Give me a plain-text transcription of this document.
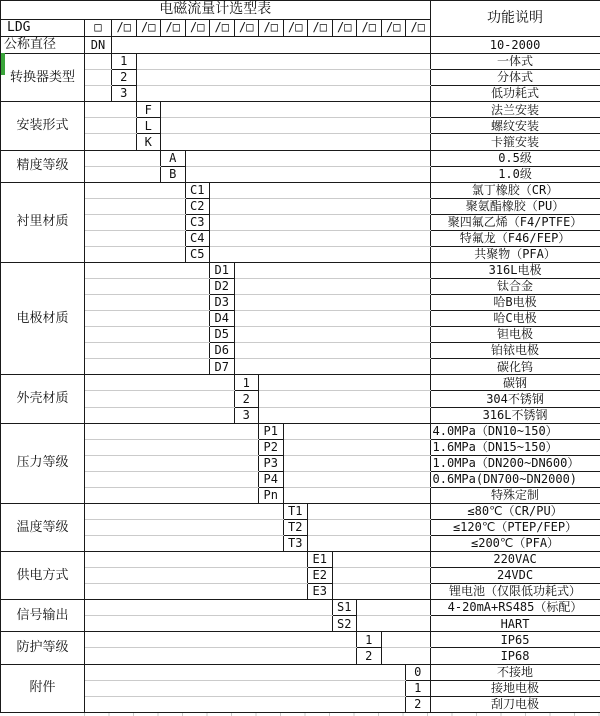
电磁流量计选型表															功能说明
LDG	□	/□	/□	/□	/□	/□	/□	/□	/□	/□	/□	/□	/□	/□	
公称直径	DN														10-2000
转换器类型		1													一体式
		2													分体式
		3													低功耗式
安装形式			F												法兰安装
			L												螺纹安装
			K												卡箍安装
精度等级				A											0.5级
				B											1.0级
衬里材质					C1										氯丁橡胶（CR）
					C2										聚氨酯橡胶（PU）
					C3										聚四氟乙烯（F4/PTFE）
					C4										特氟龙（F46/FEP）
					C5										共聚物（PFA）
电极材质						D1									316L电极
						D2									钛合金
						D3									哈B电极
						D4									哈C电极
						D5									钽电极
						D6									铂铱电极
						D7									碳化钨
外壳材质							1								碳钢
							2								304不锈钢
							3								316L不锈钢
压力等级								P1							4.0MPa（DN10~150）
								P2							1.6MPa（DN15~150）
								P3							1.0MPa（DN200~DN600）
								P4							0.6MPa(DN700~DN2000)
								Pn							特殊定制
温度等级									T1						≤80℃（CR/PU）
									T2						≤120℃（PTEP/FEP）
									T3						≤200℃（PFA）
供电方式										E1					220VAC
										E2					24VDC
										E3					锂电池（仅限低功耗式）
信号输出											S1				4-20mA+RS485（标配）
											S2				HART
防护等级												1			IP65
												2			IP68
附件														0	不接地
														1	接地电极
														2	刮刀电极
